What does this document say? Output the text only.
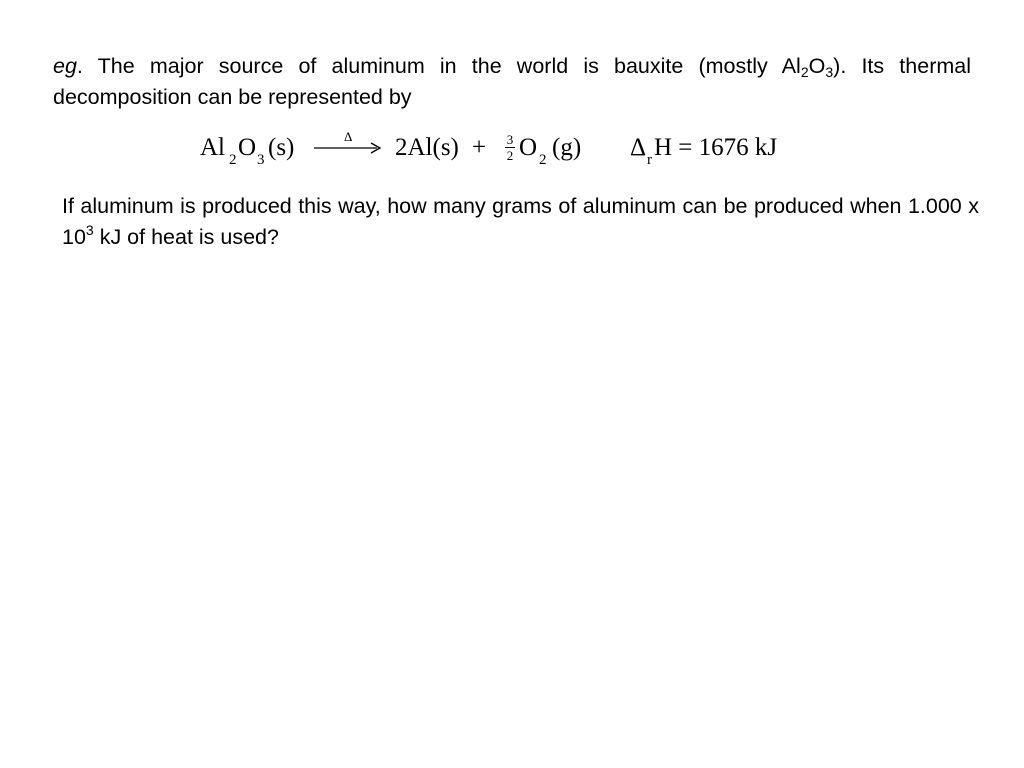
eg. The major source of aluminum in the world is bauxite (mostly $Al_2O_3$). Its thermal decomposition can be represented by
Al 2 O 3 (s)	Δ → 2Al(s) + 3
2 O 2 (g) Δ r H = 1676 kJ
If aluminum is produced this way, how many grams of aluminum can be produced when 1.000 x $10^3$ kJ of heat is used?
